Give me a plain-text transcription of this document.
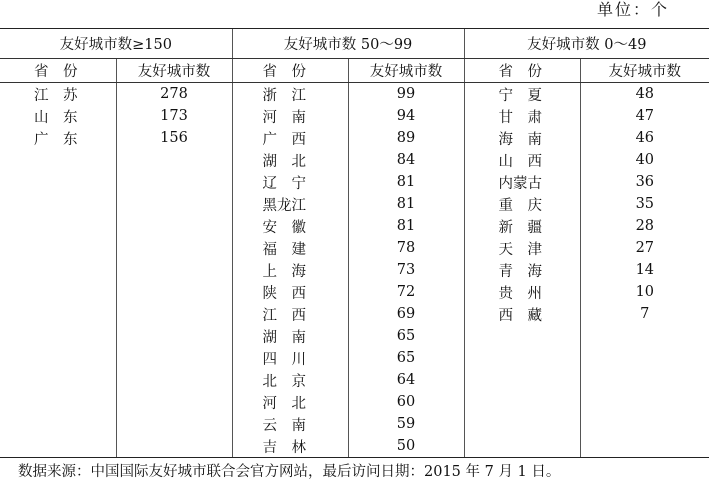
单位：个
友好城市数≥150		友好城市数 50～99		友好城市数 0～49	
省　份	友好城市数	省　份	友好城市数	省　份	友好城市数
江　苏	278	浙　江	99	宁　夏	48
山　东	173	河　南	94	甘　肃	47
广　东	156	广　西	89	海　南	46
		湖　北	84	山　西	40
		辽　宁	81	内蒙古	36
		黑龙江	81	重　庆	35
		安　徽	81	新　疆	28
		福　建	78	天　津	27
		上　海	73	青　海	14
		陕　西	72	贵　州	10
		江　西	69	西　藏	7
		湖　南	65		
		四　川	65		
		北　京	64		
		河　北	60		
		云　南	59		
		吉　林	50		
数据来源：中国国际友好城市联合会官方网站，最后访问日期：2015 年 7 月 1 日。
